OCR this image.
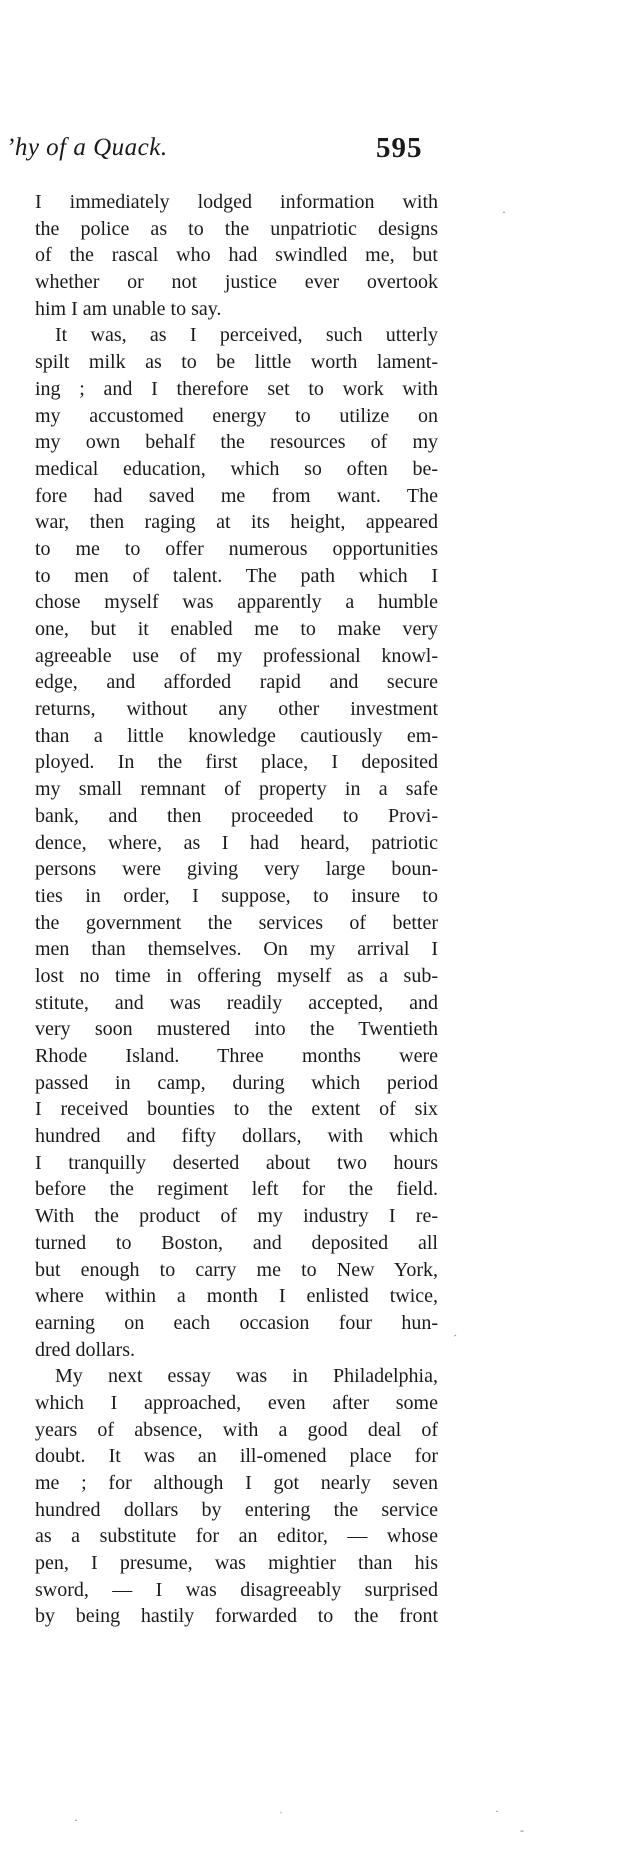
’hy of a Quack.	595
I immediately lodged information with
the police as to the unpatriotic designs
of the rascal who had swindled me, but
whether or not justice ever overtook
him I am unable to say.
It was, as I perceived, such utterly
spilt milk as to be little worth lament-
ing ; and I therefore set to work with
my accustomed energy to utilize on
my own behalf the resources of my
medical education, which so often be-
fore had saved me from want. The
war, then raging at its height, appeared
to me to offer numerous opportunities
to men of talent. The path which I
chose myself was apparently a humble
one, but it enabled me to make very
agreeable use of my professional knowl-
edge, and afforded rapid and secure
returns, without any other investment
than a little knowledge cautiously em-
ployed. In the first place, I deposited
my small remnant of property in a safe
bank, and then proceeded to Provi-
dence, where, as I had heard, patriotic
persons were giving very large boun-
ties in order, I suppose, to insure to
the government the services of better
men than themselves. On my arrival I
lost no time in offering myself as a sub-
stitute, and was readily accepted, and
very soon mustered into the Twentieth
Rhode Island. Three months were
passed in camp, during which period
I received bounties to the extent of six
hundred and fifty dollars, with which
I tranquilly deserted about two hours
before the regiment left for the field.
With the product of my industry I re-
turned to Boston, and deposited all
but enough to carry me to New York,
where within a month I enlisted twice,
earning on each occasion four hun-
dred dollars.
My next essay was in Philadelphia,
which I approached, even after some
years of absence, with a good deal of
doubt. It was an ill-omened place for
me ; for although I got nearly seven
hundred dollars by entering the service
as a substitute for an editor, — whose
pen, I presume, was mightier than his
sword, — I was disagreeably surprised
by being hastily forwarded to the front
·
´
·	ˈ
-
·
